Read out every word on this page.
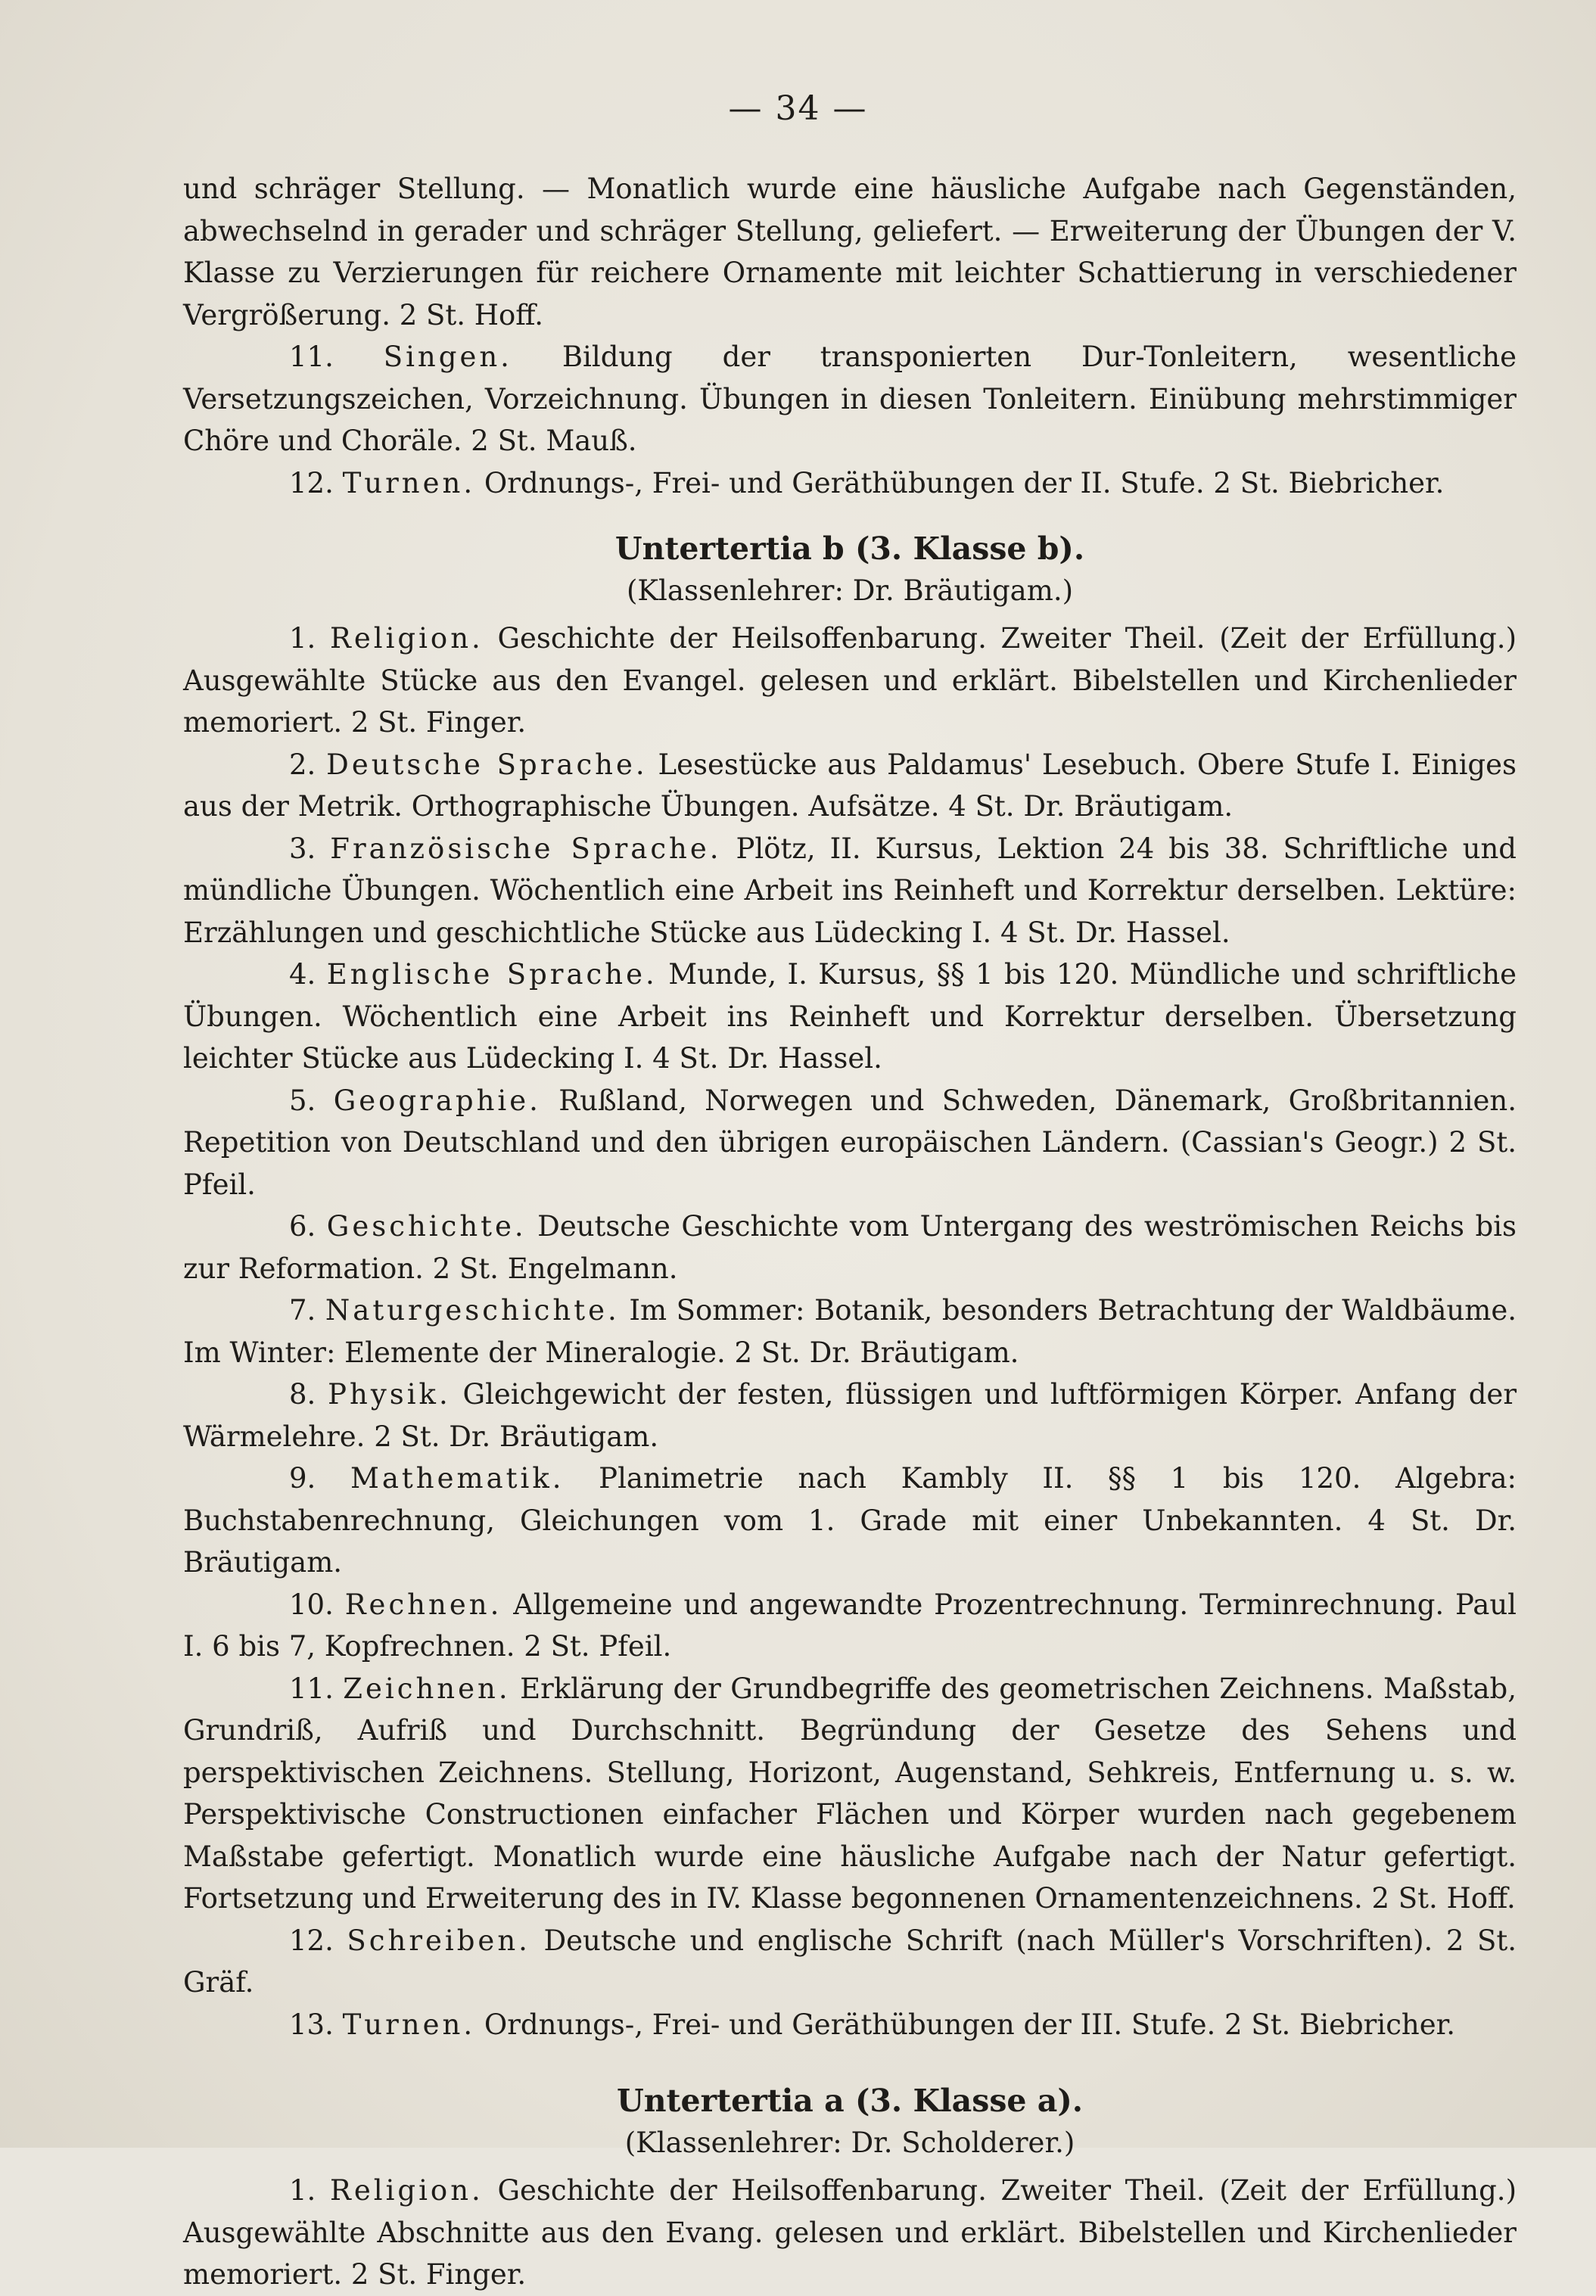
— 34 —

und schräger Stellung. — Monatlich wurde eine häusliche Aufgabe nach Gegenständen, abwechselnd in gerader und schräger Stellung, geliefert. — Erweiterung der Übungen der V. Klasse zu Verzierungen für reichere Ornamente mit leichter Schattierung in verschiedener Vergrößerung. 2 St. Hoff.

11. Singen. Bildung der transponierten Dur-Tonleitern, wesentliche Versetzungszeichen, Vorzeichnung. Übungen in diesen Tonleitern. Einübung mehrstimmiger Chöre und Choräle. 2 St. Mauß.

12. Turnen. Ordnungs-, Frei- und Geräthübungen der II. Stufe. 2 St. Biebricher.

Untertertia b (3. Klasse b).
(Klassenlehrer: Dr. Bräutigam.)

1. Religion. Geschichte der Heilsoffenbarung. Zweiter Theil. (Zeit der Erfüllung.) Ausgewählte Stücke aus den Evangel. gelesen und erklärt. Bibelstellen und Kirchenlieder memoriert. 2 St. Finger.

2. Deutsche Sprache. Lesestücke aus Paldamus' Lesebuch. Obere Stufe I. Einiges aus der Metrik. Orthographische Übungen. Aufsätze. 4 St. Dr. Bräutigam.

3. Französische Sprache. Plötz, II. Kursus, Lektion 24 bis 38. Schriftliche und mündliche Übungen. Wöchentlich eine Arbeit ins Reinheft und Korrektur derselben. Lektüre: Erzählungen und geschichtliche Stücke aus Lüdecking I. 4 St. Dr. Hassel.

4. Englische Sprache. Munde, I. Kursus, §§ 1 bis 120. Mündliche und schriftliche Übungen. Wöchentlich eine Arbeit ins Reinheft und Korrektur derselben. Übersetzung leichter Stücke aus Lüdecking I. 4 St. Dr. Hassel.

5. Geographie. Rußland, Norwegen und Schweden, Dänemark, Großbritannien. Repetition von Deutschland und den übrigen europäischen Ländern. (Cassian's Geogr.) 2 St. Pfeil.

6. Geschichte. Deutsche Geschichte vom Untergang des weströmischen Reichs bis zur Reformation. 2 St. Engelmann.

7. Naturgeschichte. Im Sommer: Botanik, besonders Betrachtung der Waldbäume. Im Winter: Elemente der Mineralogie. 2 St. Dr. Bräutigam.

8. Physik. Gleichgewicht der festen, flüssigen und luftförmigen Körper. Anfang der Wärmelehre. 2 St. Dr. Bräutigam.

9. Mathematik. Planimetrie nach Kambly II. §§ 1 bis 120. Algebra: Buchstabenrechnung, Gleichungen vom 1. Grade mit einer Unbekannten. 4 St. Dr. Bräutigam.

10. Rechnen. Allgemeine und angewandte Prozentrechnung. Terminrechnung. Paul I. 6 bis 7, Kopfrechnen. 2 St. Pfeil.

11. Zeichnen. Erklärung der Grundbegriffe des geometrischen Zeichnens. Maßstab, Grundriß, Aufriß und Durchschnitt. Begründung der Gesetze des Sehens und perspektivischen Zeichnens. Stellung, Horizont, Augenstand, Sehkreis, Entfernung u. s. w. Perspektivische Constructionen einfacher Flächen und Körper wurden nach gegebenem Maßstabe gefertigt. Monatlich wurde eine häusliche Aufgabe nach der Natur gefertigt. Fortsetzung und Erweiterung des in IV. Klasse begonnenen Ornamentenzeichnens. 2 St. Hoff.

12. Schreiben. Deutsche und englische Schrift (nach Müller's Vorschriften). 2 St. Gräf.

13. Turnen. Ordnungs-, Frei- und Geräthübungen der III. Stufe. 2 St. Biebricher.

Untertertia a (3. Klasse a).
(Klassenlehrer: Dr. Scholderer.)

1. Religion. Geschichte der Heilsoffenbarung. Zweiter Theil. (Zeit der Erfüllung.) Ausgewählte Abschnitte aus den Evang. gelesen und erklärt. Bibelstellen und Kirchenlieder memoriert. 2 St. Finger.
